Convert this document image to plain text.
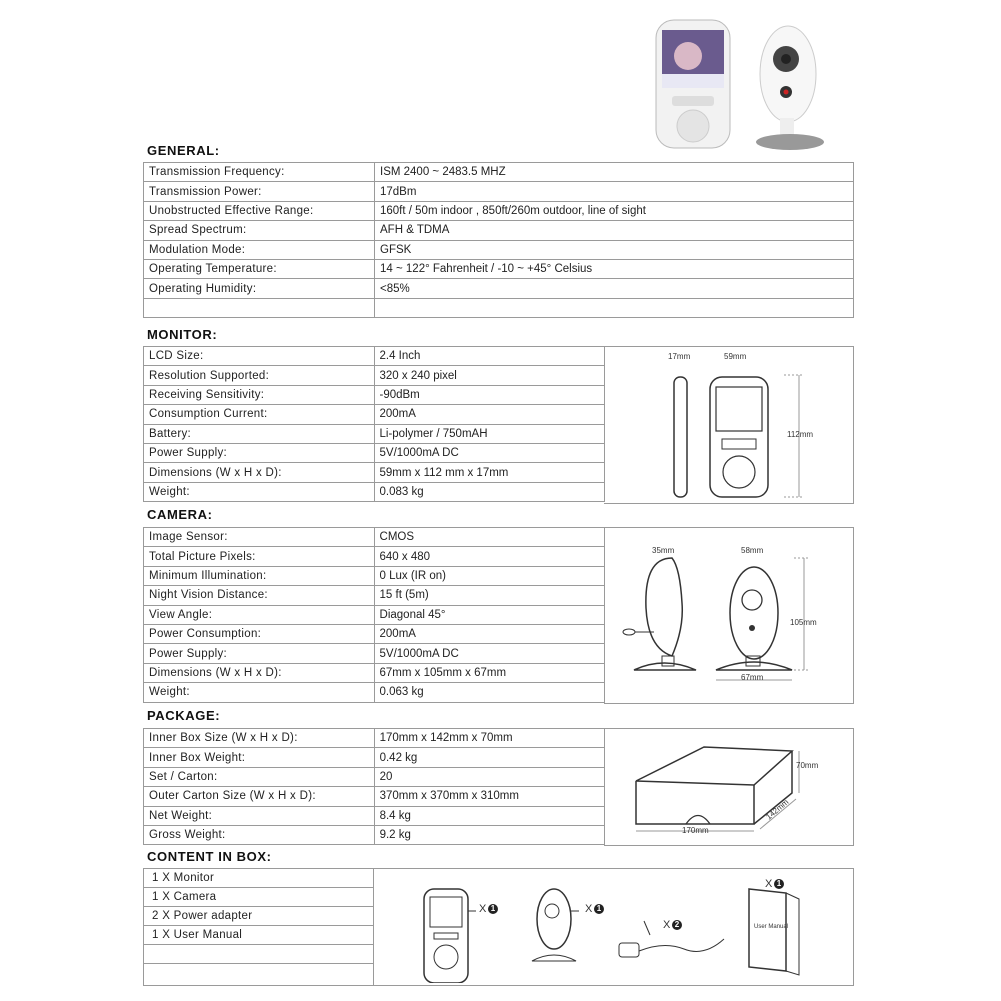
GENERAL:
Transmission Frequency:	ISM 2400 ~ 2483.5 MHZ
Transmission Power:	17dBm
Unobstructed Effective Range:	160ft / 50m indoor , 850ft/260m outdoor, line of sight
Spread Spectrum:	AFH & TDMA
Modulation Mode:	GFSK
Operating Temperature:	14 ~ 122° Fahrenheit / -10 ~ +45° Celsius
Operating Humidity:	<85%

MONITOR:
LCD Size:	2.4 Inch
Resolution Supported:	320 x 240 pixel
Receiving Sensitivity:	-90dBm
Consumption Current:	200mA
Battery:	Li-polymer / 750mAH
Power Supply:	5V/1000mA DC
Dimensions (W x H x D):	59mm x 112 mm x 17mm
Weight:	0.083 kg
17mm	59mm
112mm
CAMERA:
Image Sensor:	CMOS
Total Picture Pixels:	640 x 480
Minimum Illumination:	0 Lux (IR on)
Night Vision Distance:	15 ft (5m)
View Angle:	Diagonal 45°
Power Consumption:	200mA
Power Supply:	5V/1000mA DC
Dimensions (W x H x D):	67mm x 105mm x 67mm
Weight:	0.063 kg
35mm	58mm
105mm
67mm
PACKAGE:
Inner Box Size (W x H x D):	170mm x 142mm x 70mm
Inner Box Weight:	0.42 kg
Set / Carton:	20
Outer Carton Size (W x H x D):	370mm x 370mm x 310mm
Net Weight:	8.4 kg
Gross Weight:	9.2 kg
70mm
142mm
170mm
CONTENT IN BOX:
1 X Monitor
1 X Camera
2 X Power adapter
1 X User Manual
X 1	X 1
X 2
X 1
User Manual
